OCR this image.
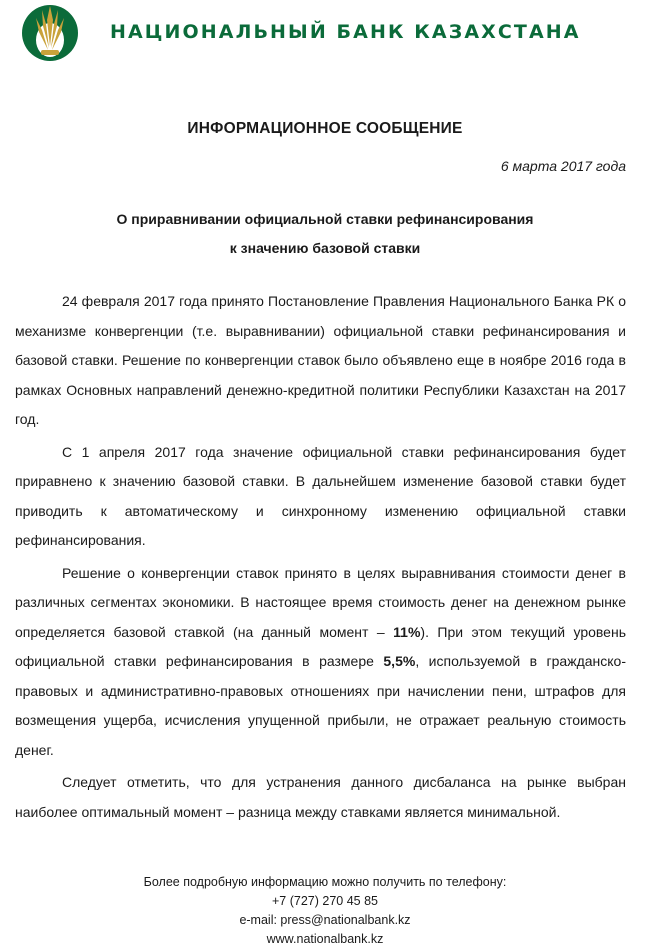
НАЦИОНАЛЬНЫЙ БАНК КАЗАХСТАНА
ИНФОРМАЦИОННОЕ СООБЩЕНИЕ
6 марта 2017 года
О приравнивании официальной ставки рефинансирования
к значению базовой ставки

24 февраля 2017 года принято Постановление Правления Национального Банка РК о механизме конвергенции (т.е. выравнивании) официальной ставки рефинансирования и базовой ставки. Решение по конвергенции ставок было объявлено еще в ноябре 2016 года в рамках Основных направлений денежно-кредитной политики Республики Казахстан на 2017 год.

С 1 апреля 2017 года значение официальной ставки рефинансирования будет приравнено к значению базовой ставки. В дальнейшем изменение базовой ставки будет приводить к автоматическому и синхронному изменению официальной ставки рефинансирования.

Решение о конвергенции ставок принято в целях выравнивания стоимости денег в различных сегментах экономики. В настоящее время стоимость денег на денежном рынке определяется базовой ставкой (на данный момент – 11%). При этом текущий уровень официальной ставки рефинансирования в размере 5,5%, используемой в гражданско-правовых и административно-правовых отношениях при начислении пени, штрафов для возмещения ущерба, исчисления упущенной прибыли, не отражает реальную стоимость денег.

Следует отметить, что для устранения данного дисбаланса на рынке выбран наиболее оптимальный момент – разница между ставками является минимальной.

Более подробную информацию можно получить по телефону:
+7 (727) 270 45 85
e-mail: press@nationalbank.kz
www.nationalbank.kz
